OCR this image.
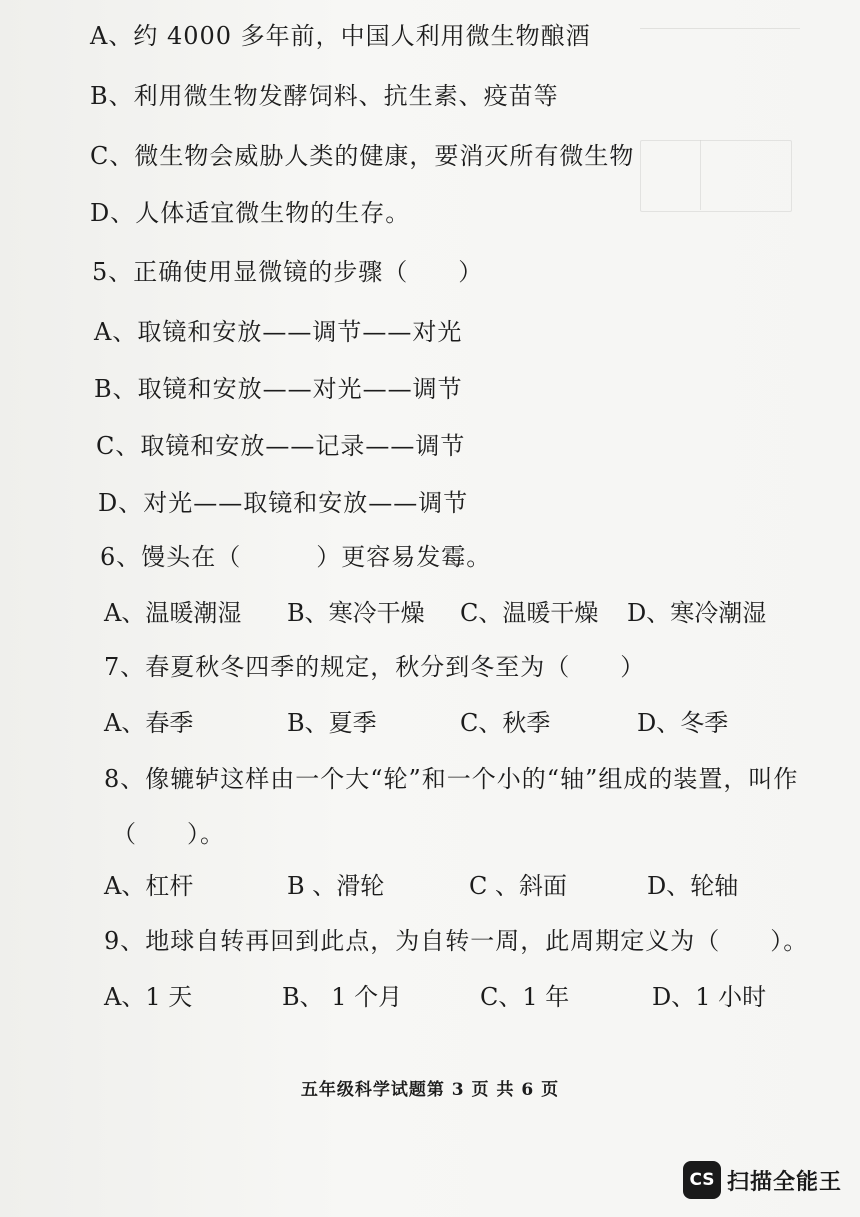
A、约 4000 多年前，中国人利用微生物酿酒
B、利用微生物发酵饲料、抗生素、疫苗等
C、微生物会威胁人类的健康，要消灭所有微生物
D、人体适宜微生物的生存。
5、正确使用显微镜的步骤（　　）
A、取镜和安放——调节——对光
B、取镜和安放——对光——调节
C、取镜和安放——记录——调节
D、对光——取镜和安放——调节
6、馒头在（　　　）更容易发霉。
A、温暖潮湿 B、寒冷干燥 C、温暖干燥 D、寒冷潮湿
7、春夏秋冬四季的规定，秋分到冬至为（　　）
A、春季	B、夏季	C、秋季	D、冬季
8、像辘轳这样由一个大“轮”和一个小的“轴”组成的装置，叫作
（　　）。
A、杠杆	B 、滑轮	C 、斜面	D、轮轴
9、地球自转再回到此点，为自转一周，此周期定义为（　　）。
A、1 天	B、 1 个月	C、1 年	D、1 小时
五年级科学试题第 3 页 共 6 页
CS 扫描全能王
